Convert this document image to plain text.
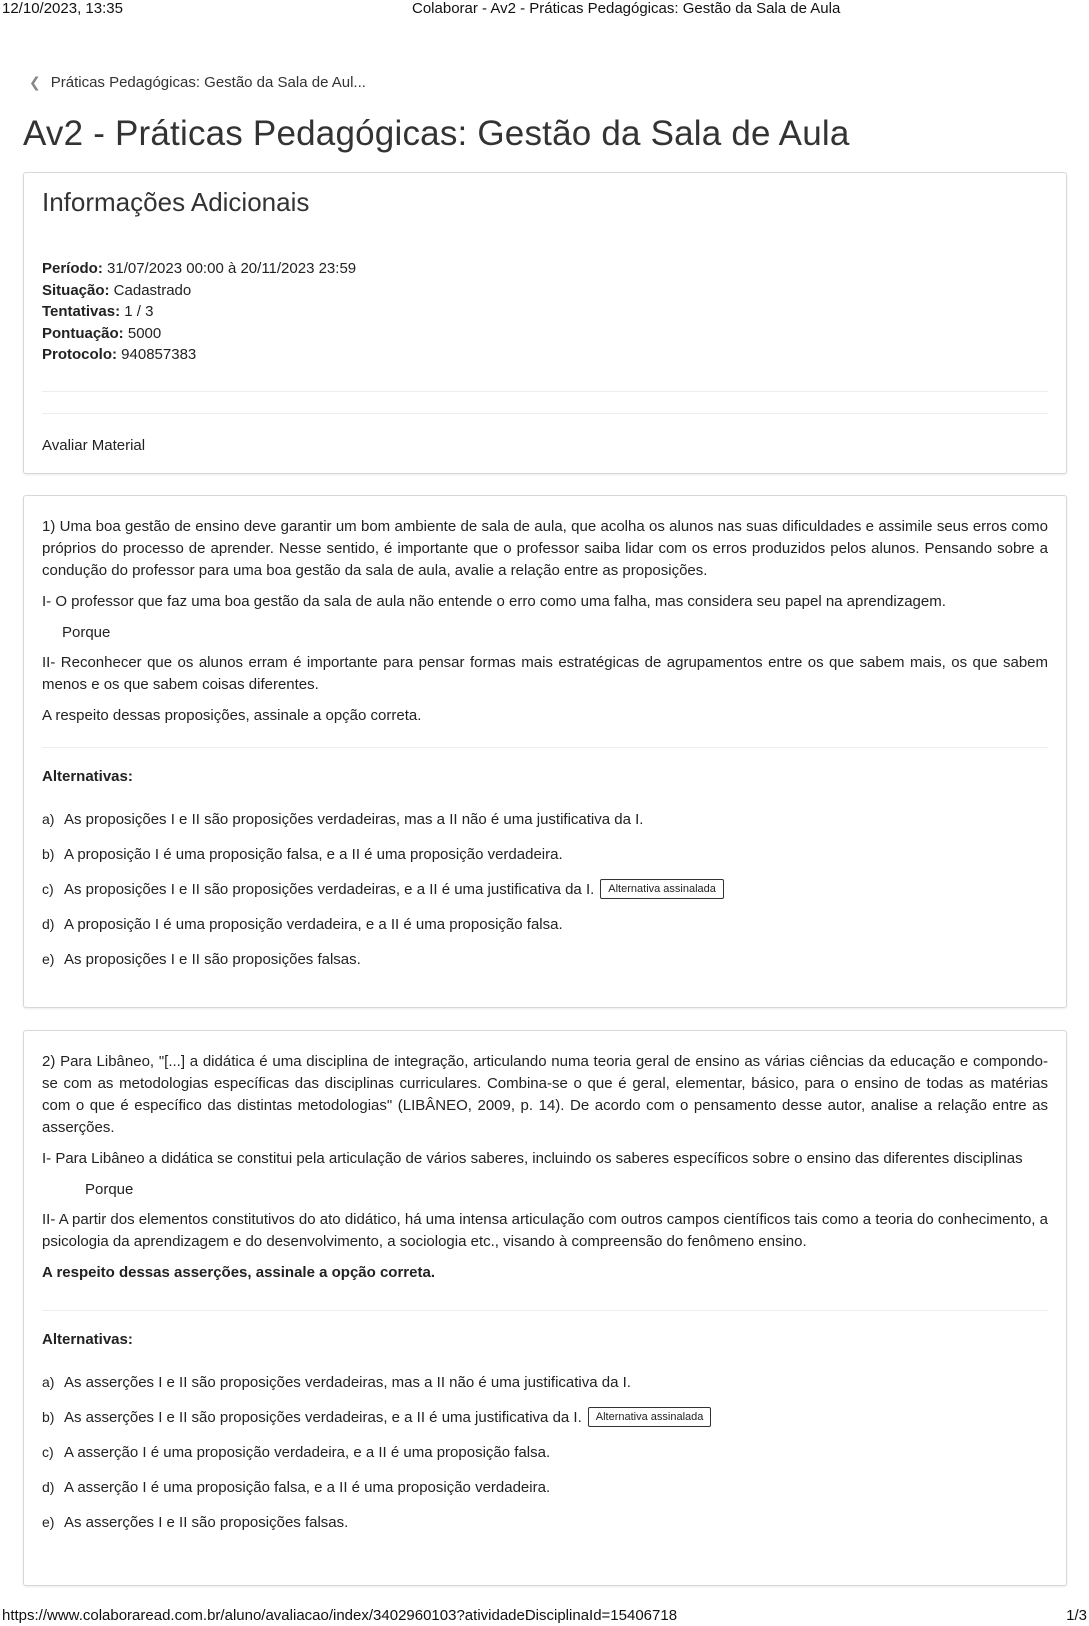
12/10/2023, 13:35	Colaborar - Av2 - Práticas Pedagógicas: Gestão da Sala de Aula
❮ Práticas Pedagógicas: Gestão da Sala de Aul...
Av2 - Práticas Pedagógicas: Gestão da Sala de Aula
Informações Adicionais
Período: 31/07/2023 00:00 à 20/11/2023 23:59
Situação: Cadastrado
Tentativas: 1 / 3
Pontuação: 5000
Protocolo: 940857383
Avaliar Material

1) Uma boa gestão de ensino deve garantir um bom ambiente de sala de aula, que acolha os alunos nas suas dificuldades e assimile seus erros como próprios do processo de aprender. Nesse sentido, é importante que o professor saiba lidar com os erros produzidos pelos alunos. Pensando sobre a condução do professor para uma boa gestão da sala de aula, avalie a relação entre as proposições.

I- O professor que faz uma boa gestão da sala de aula não entende o erro como uma falha, mas considera seu papel na aprendizagem.

Porque

II- Reconhecer que os alunos erram é importante para pensar formas mais estratégicas de agrupamentos entre os que sabem mais, os que sabem menos e os que sabem coisas diferentes.

A respeito dessas proposições, assinale a opção correta.

Alternativas:
a) As proposições I e II são proposições verdadeiras, mas a II não é uma justificativa da I.
b) A proposição I é uma proposição falsa, e a II é uma proposição verdadeira.
c) As proposições I e II são proposições verdadeiras, e a II é uma justificativa da I.	Alternativa assinalada
d) A proposição I é uma proposição verdadeira, e a II é uma proposição falsa.
e) As proposições I e II são proposições falsas.

2) Para Libâneo, "[...] a didática é uma disciplina de integração, articulando numa teoria geral de ensino as várias ciências da educação e compondo-se com as metodologias específicas das disciplinas curriculares. Combina-se o que é geral, elementar, básico, para o ensino de todas as matérias com o que é específico das distintas metodologias" (LIBÂNEO, 2009, p. 14). De acordo com o pensamento desse autor, analise a relação entre as asserções.

I- Para Libâneo a didática se constitui pela articulação de vários saberes, incluindo os saberes específicos sobre o ensino das diferentes disciplinas

Porque

II- A partir dos elementos constitutivos do ato didático, há uma intensa articulação com outros campos científicos tais como a teoria do conhecimento, a psicologia da aprendizagem e do desenvolvimento, a sociologia etc., visando à compreensão do fenômeno ensino.

A respeito dessas asserções, assinale a opção correta.

Alternativas:
a) As asserções I e II são proposições verdadeiras, mas a II não é uma justificativa da I.
b) As asserções I e II são proposições verdadeiras, e a II é uma justificativa da I.	Alternativa assinalada
c) A asserção I é uma proposição verdadeira, e a II é uma proposição falsa.
d) A asserção I é uma proposição falsa, e a II é uma proposição verdadeira.
e) As asserções I e II são proposições falsas.
https://www.colaboraread.com.br/aluno/avaliacao/index/3402960103?atividadeDisciplinaId=15406718	1/3
